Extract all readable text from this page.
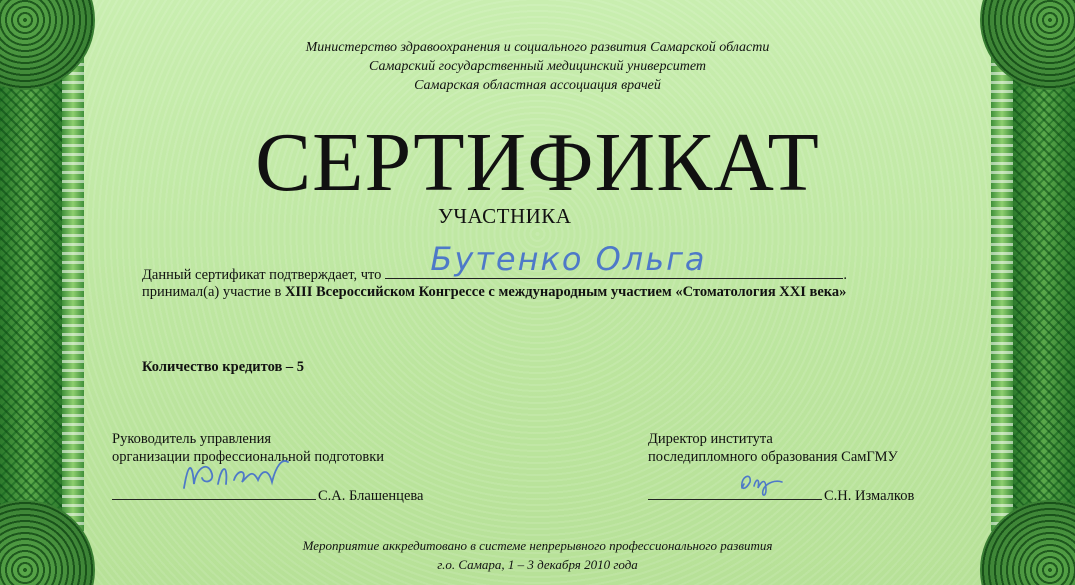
Министерство здравоохранения и социального развития Самарской области
Самарский государственный медицинский университет
Самарская областная ассоциация врачей
СЕРТИФИКАТ
УЧАСТНИКА
Данный сертификат подтверждает, что Бутенко Ольга	.
принимал(а) участие в XIII Всероссийском Конгрессе с международным участием «Стоматология XXI века»
Количество кредитов – 5
Руководитель управления
организации профессиональной подготовки
С.А. Блашенцева
Директор института
последипломного образования СамГМУ
С.Н. Измалков
Мероприятие аккредитовано в системе непрерывного профессионального развития
г.о. Самара, 1 – 3 декабря 2010 года
